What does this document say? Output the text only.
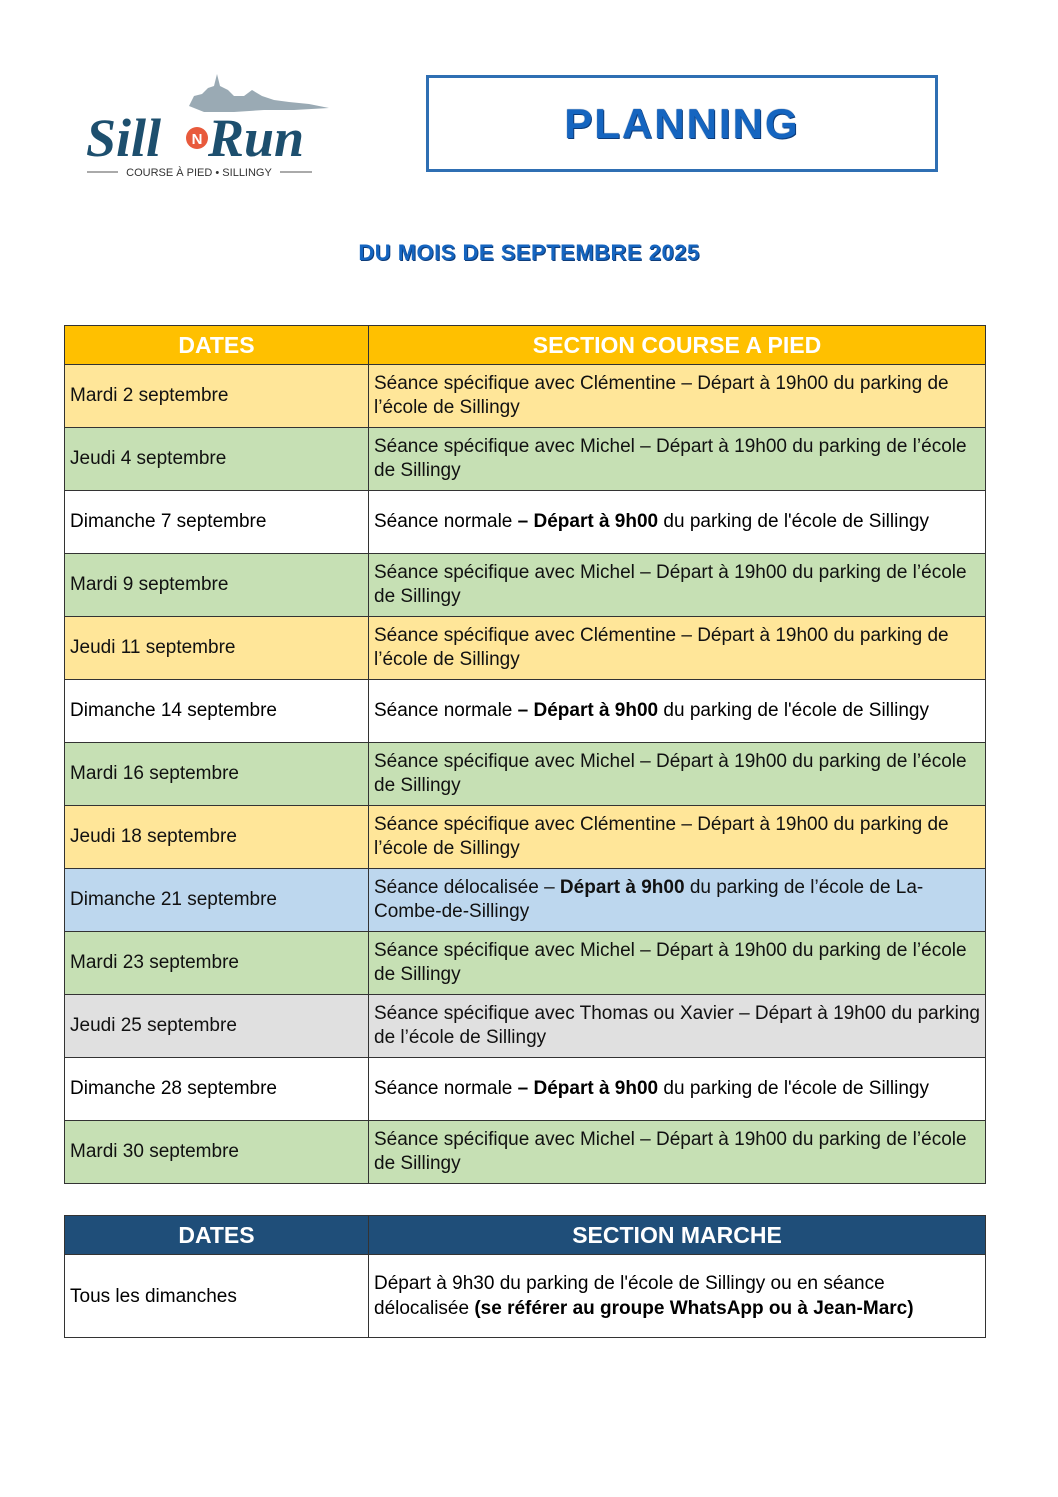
Sill N Run
COURSE À PIED • SILLINGY
PLANNING
DU MOIS DE SEPTEMBRE 2025
DATES	SECTION COURSE A PIED
Mardi 2 septembre	Séance spécifique avec Clémentine – Départ à 19h00 du parking de l’école de Sillingy
Jeudi 4 septembre	Séance spécifique avec Michel – Départ à 19h00 du parking de l’école de Sillingy
Dimanche 7 septembre	Séance normale – Départ à 9h00 du parking de l'école de Sillingy
Mardi 9 septembre	Séance spécifique avec Michel – Départ à 19h00 du parking de l’école de Sillingy
Jeudi 11 septembre	Séance spécifique avec Clémentine – Départ à 19h00 du parking de l’école de Sillingy
Dimanche 14 septembre	Séance normale – Départ à 9h00 du parking de l'école de Sillingy
Mardi 16 septembre	Séance spécifique avec Michel – Départ à 19h00 du parking de l’école de Sillingy
Jeudi 18 septembre	Séance spécifique avec Clémentine – Départ à 19h00 du parking de l’école de Sillingy
Dimanche 21 septembre	Séance délocalisée – Départ à 9h00 du parking de l’école de La-Combe-de-Sillingy
Mardi 23 septembre	Séance spécifique avec Michel – Départ à 19h00 du parking de l’école de Sillingy
Jeudi 25 septembre	Séance spécifique avec Thomas ou Xavier – Départ à 19h00 du parking de l’école de Sillingy
Dimanche 28 septembre	Séance normale – Départ à 9h00 du parking de l'école de Sillingy
Mardi 30 septembre	Séance spécifique avec Michel – Départ à 19h00 du parking de l’école de Sillingy
DATES	SECTION MARCHE
Tous les dimanches	Départ à 9h30 du parking de l'école de Sillingy ou en séance délocalisée (se référer au groupe WhatsApp ou à Jean-Marc)
